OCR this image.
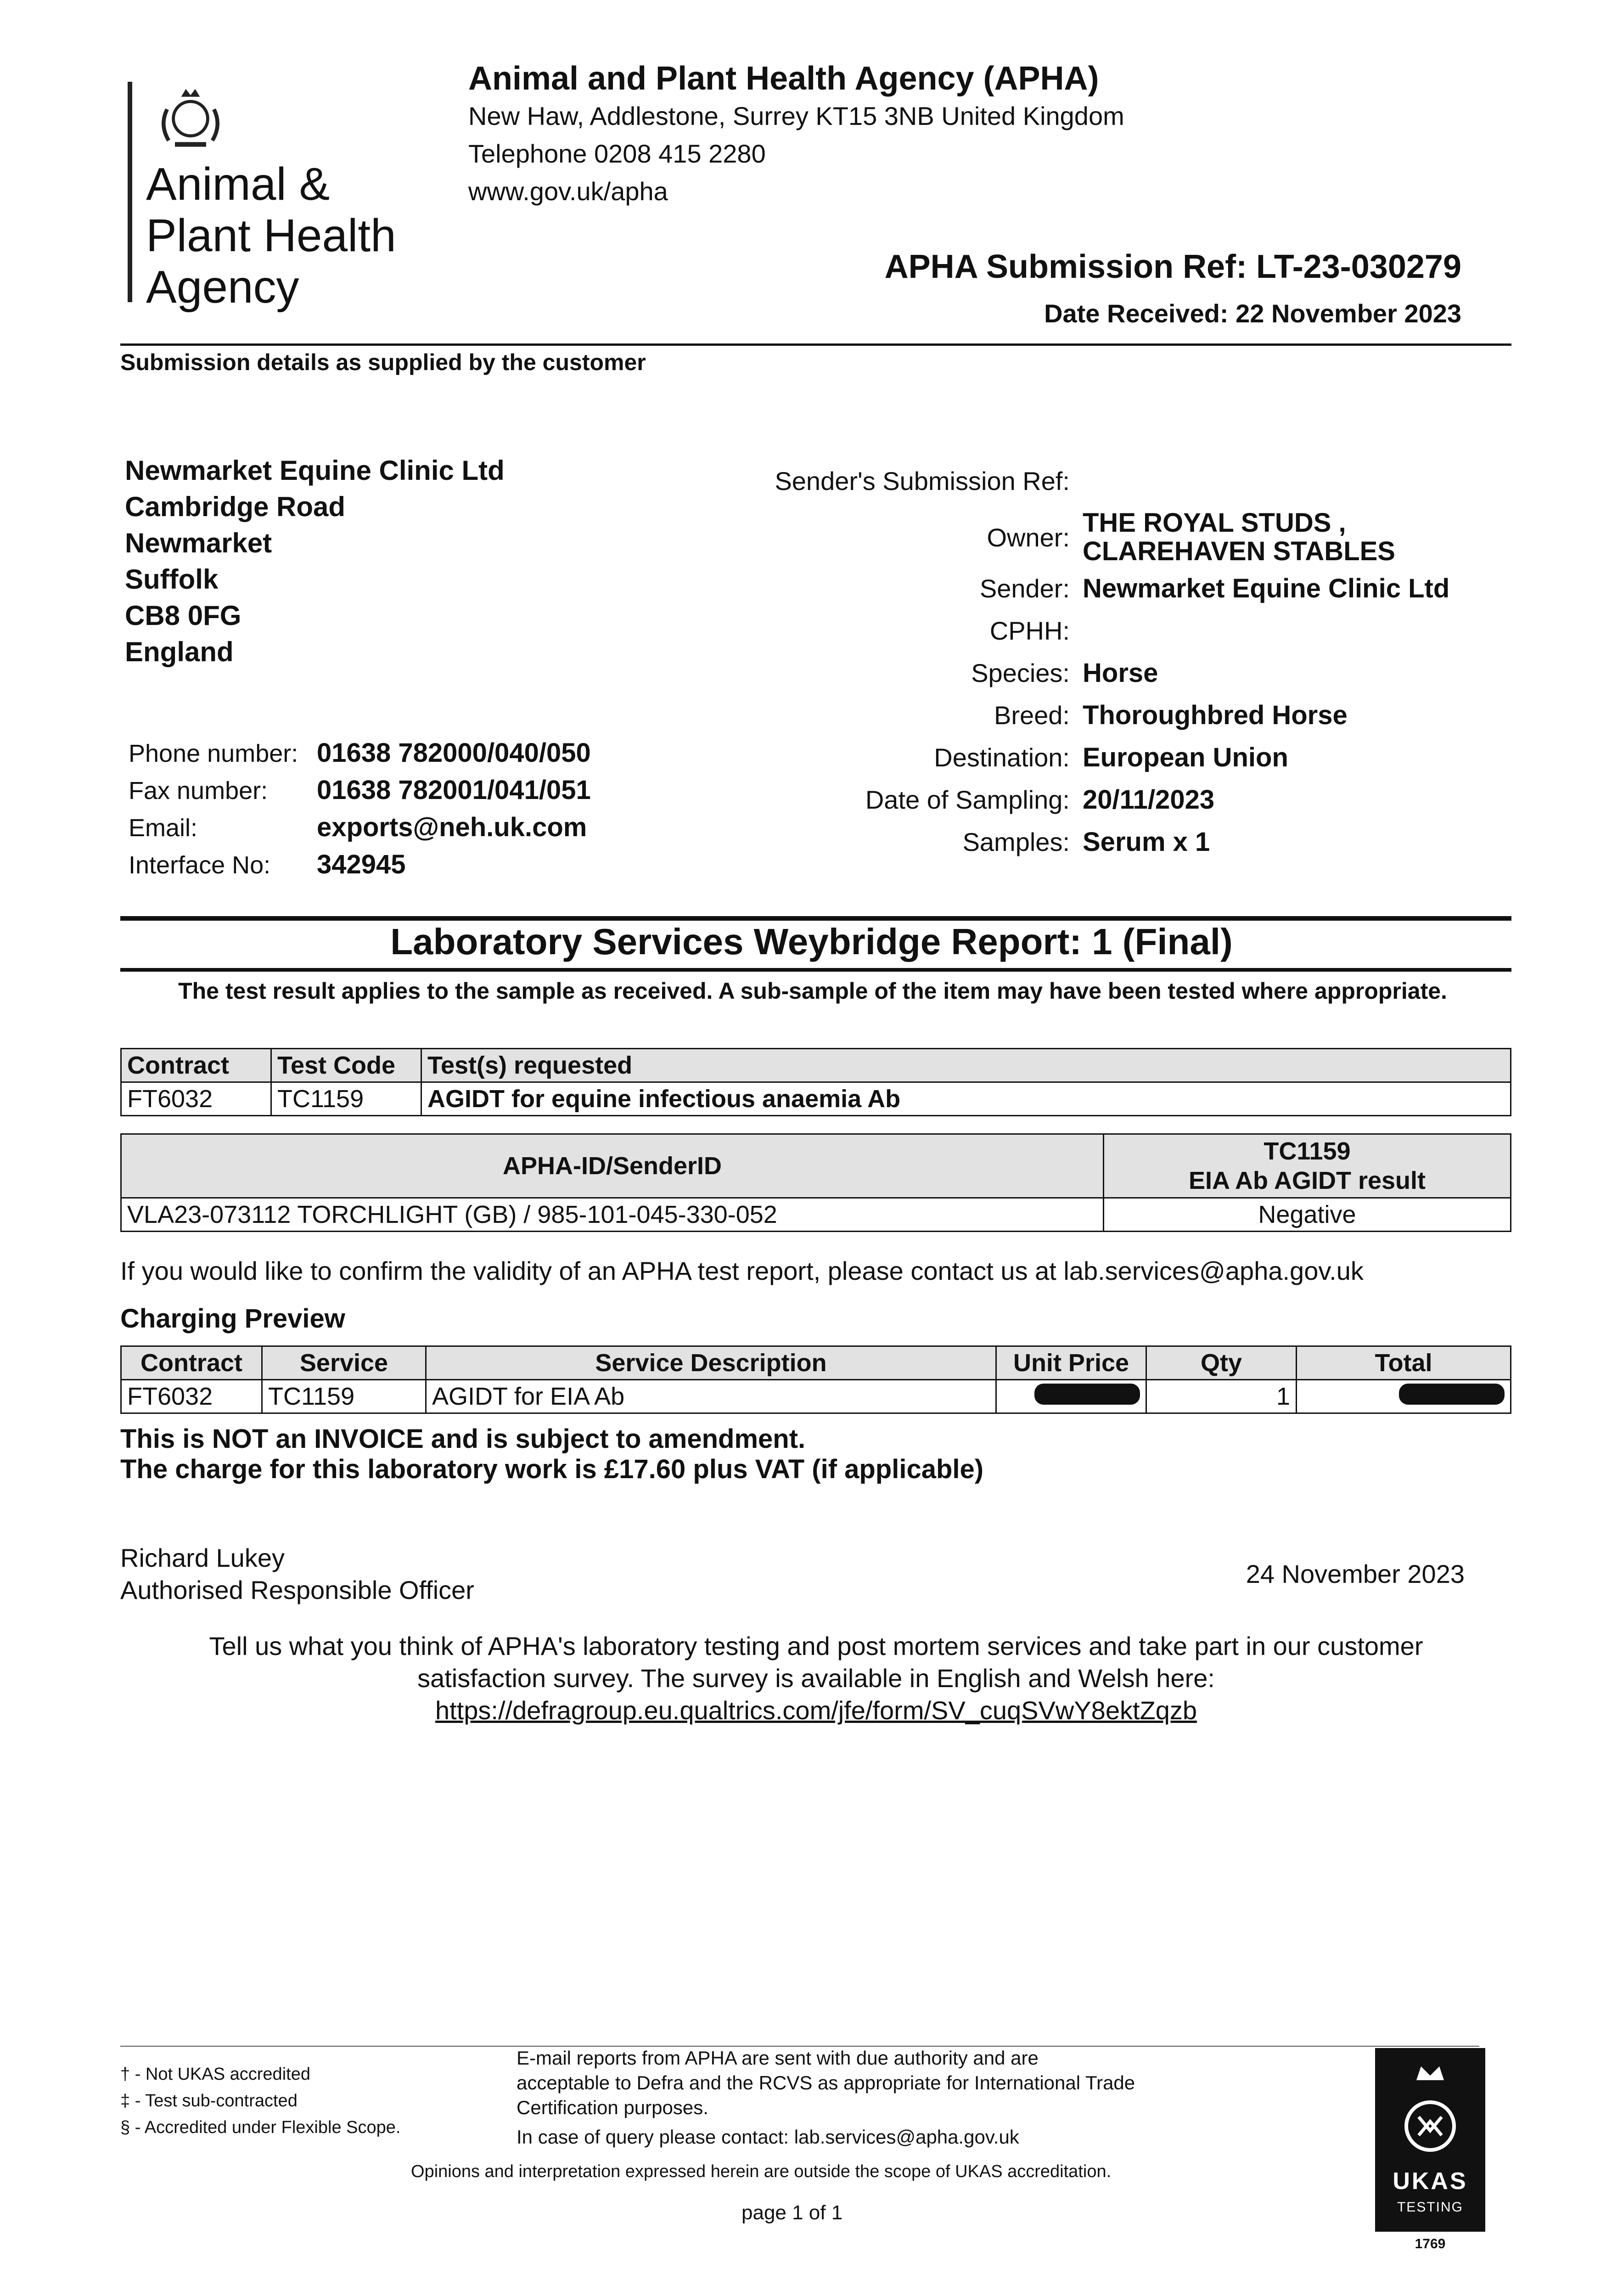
Animal &
Plant Health
Agency
Animal and Plant Health Agency (APHA)
New Haw, Addlestone, Surrey KT15 3NB United Kingdom
Telephone 0208 415 2280
www.gov.uk/apha
APHA Submission Ref: LT-23-030279
Date Received: 22 November 2023
Submission details as supplied by the customer
Newmarket Equine Clinic Ltd
Cambridge Road
Newmarket
Suffolk
CB8 0FG
England
Phone number: 01638 782000/040/050
Fax number: 01638 782001/041/051
Email:	exports@neh.uk.com
Interface No: 342945
Sender's Submission Ref:
Owner: THE ROYAL STUDS ,
CLAREHAVEN STABLES
Sender: Newmarket Equine Clinic Ltd
CPHH:
Species: Horse
Breed: Thoroughbred Horse
Destination: European Union
Date of Sampling: 20/11/2023
Samples: Serum x 1
Laboratory Services Weybridge Report: 1 (Final)
The test result applies to the sample as received. A sub-sample of the item may have been tested where appropriate.
Contract	Test Code	Test(s) requested
FT6032	TC1159	AGIDT for equine infectious anaemia Ab
APHA-ID/SenderID	TC1159
EIA Ab AGIDT result
VLA23-073112 TORCHLIGHT (GB) / 985-101-045-330-052	Negative
If you would like to confirm the validity of an APHA test report, please contact us at lab.services@apha.gov.uk
Charging Preview
Contract	Service	Service Description	Unit Price	Qty	Total
FT6032	TC1159	AGIDT for EIA Ab		1	
This is NOT an INVOICE and is subject to amendment.
The charge for this laboratory work is £17.60 plus VAT (if applicable)
Richard Lukey
Authorised Responsible Officer
24 November 2023
Tell us what you think of APHA's laboratory testing and post mortem services and take part in our customer
satisfaction survey. The survey is available in English and Welsh here:
https://defragroup.eu.qualtrics.com/jfe/form/SV_cuqSVwY8ektZqzb
† - Not UKAS accredited
‡ - Test sub-contracted
§ - Accredited under Flexible Scope.
E-mail reports from APHA are sent with due authority and are
acceptable to Defra and the RCVS as appropriate for International Trade
Certification purposes.
In case of query please contact: lab.services@apha.gov.uk
Opinions and interpretation expressed herein are outside the scope of UKAS accreditation.
page 1 of 1
UKAS
TESTING
1769
